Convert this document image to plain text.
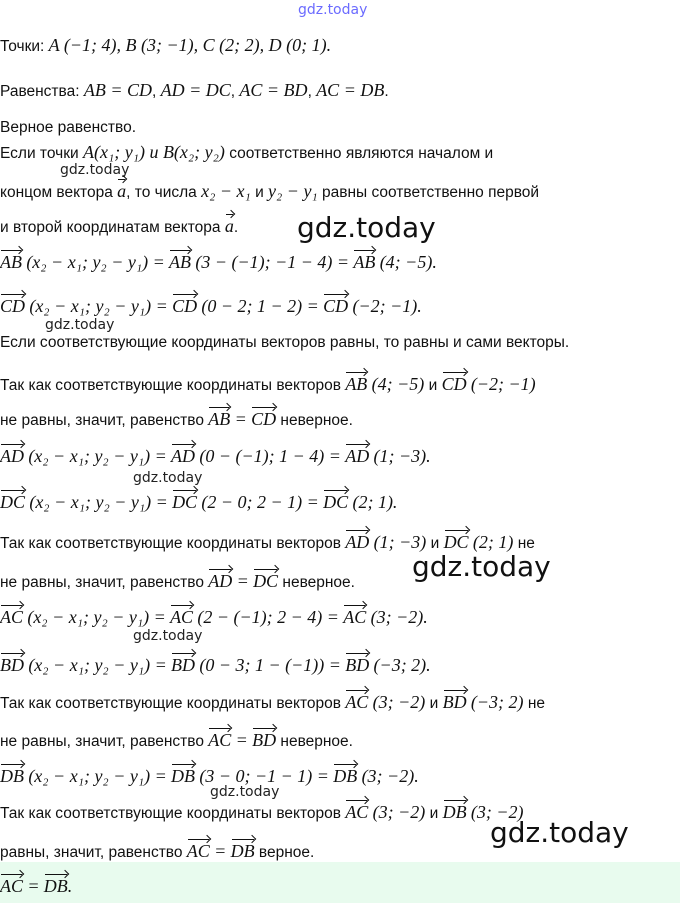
gdz.today
Точки: A (−1; 4), B (3; −1), C (2; 2), D (0; 1).
Равенства: AB = CD, AD = DC, AC = BD, AC = DB.
Верное равенство.
Если точки A(x₁; y₁) и B(x₂; y₂) соответственно являются началом и
gdz.today
концом вектора a, то числа x₂ − x₁ и y₂ − y₁ равны соответственно первой
и второй координатам вектора a. gdz.today
AB (x₂ − x₁; y₂ − y₁) = AB (3 − (−1); −1 − 4) = AB (4; −5).
CD (x₂ − x₁; y₂ − y₁) = CD (0 − 2; 1 − 2) = CD (−2; −1).
gdz.today
Если соответствующие координаты векторов равны, то равны и сами векторы.
Так как соответствующие координаты векторов AB (4; −5) и CD (−2; −1)
не равны, значит, равенство AB = CD неверное.
AD (x₂ − x₁; y₂ − y₁) = AD (0 − (−1); 1 − 4) = AD (1; −3).
gdz.today
DC (x₂ − x₁; y₂ − y₁) = DC (2 − 0; 2 − 1) = DC (2; 1).
Так как соответствующие координаты векторов AD (1; −3) и DC (2; 1) не
не равны, значит, равенство AD = DC неверное. gdz.today
AC (x₂ − x₁; y₂ − y₁) = AC (2 − (−1); 2 − 4) = AC (3; −2).
gdz.today
BD (x₂ − x₁; y₂ − y₁) = BD (0 − 3; 1 − (−1)) = BD (−3; 2).
Так как соответствующие координаты векторов AC (3; −2) и BD (−3; 2) не
не равны, значит, равенство AC = BD неверное.
DB (x₂ − x₁; y₂ − y₁) = DB (3 − 0; −1 − 1) = DB (3; −2).
gdz.today
Так как соответствующие координаты векторов AC (3; −2) и DB (3; −2)
равны, значит, равенство AC = DB верное.
gdz.today
AC = DB.
